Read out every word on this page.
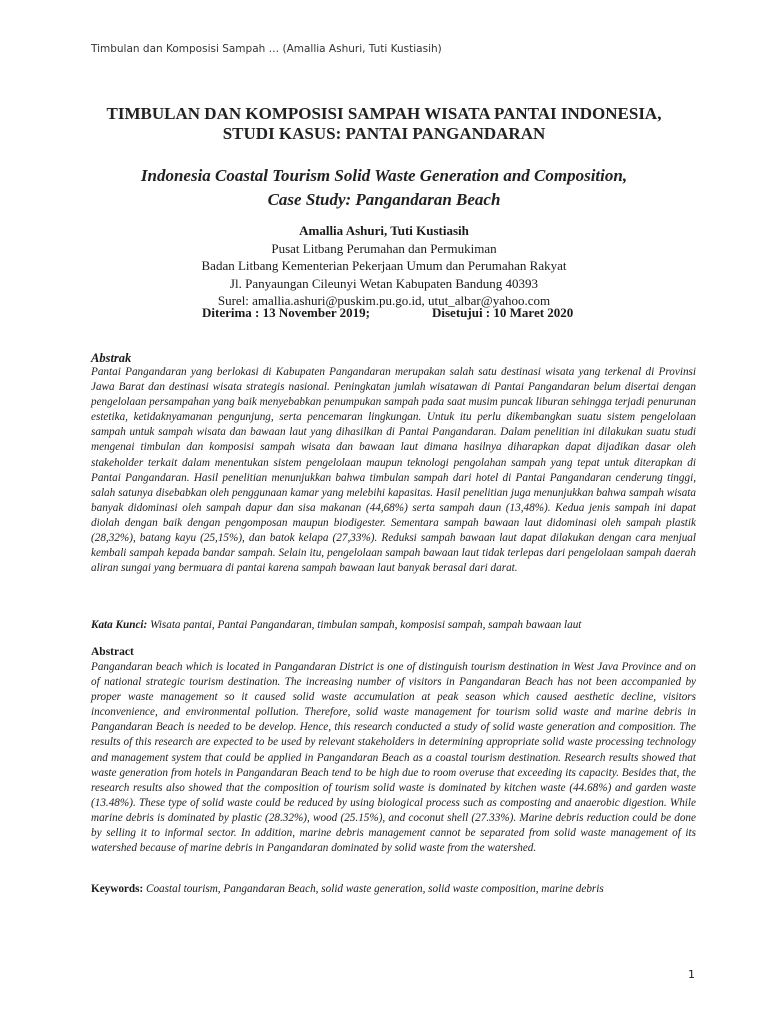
Timbulan dan Komposisi Sampah … (Amallia Ashuri, Tuti Kustiasih)
TIMBULAN DAN KOMPOSISI SAMPAH WISATA PANTAI INDONESIA,
STUDI KASUS: PANTAI PANGANDARAN
Indonesia Coastal Tourism Solid Waste Generation and Composition,
Case Study: Pangandaran Beach
Amallia Ashuri, Tuti Kustiasih
Pusat Litbang Perumahan dan Permukiman
Badan Litbang Kementerian Pekerjaan Umum dan Perumahan Rakyat
Jl. Panyaungan Cileunyi Wetan Kabupaten Bandung 40393
Surel: amallia.ashuri@puskim.pu.go.id, utut_albar@yahoo.com
Diterima : 13 November 2019;	Disetujui : 10 Maret 2020
Abstrak
Pantai Pangandaran yang berlokasi di Kabupaten Pangandaran merupakan salah satu destinasi wisata yang terkenal di Provinsi Jawa Barat dan destinasi wisata strategis nasional. Peningkatan jumlah wisatawan di Pantai Pangandaran belum disertai dengan pengelolaan persampahan yang baik menyebabkan penumpukan sampah pada saat musim puncak liburan sehingga terjadi penurunan estetika, ketidaknyamanan pengunjung, serta pencemaran lingkungan. Untuk itu perlu dikembangkan suatu sistem pengelolaan sampah untuk sampah wisata dan bawaan laut yang dihasilkan di Pantai Pangandaran. Dalam penelitian ini dilakukan suatu studi mengenai timbulan dan komposisi sampah wisata dan bawaan laut dimana hasilnya diharapkan dapat dijadikan dasar oleh stakeholder terkait dalam menentukan sistem pengelolaan maupun teknologi pengolahan sampah yang tepat untuk diterapkan di Pantai Pangandaran. Hasil penelitian menunjukkan bahwa timbulan sampah dari hotel di Pantai Pangandaran cenderung tinggi, salah satunya disebabkan oleh penggunaan kamar yang melebihi kapasitas. Hasil penelitian juga menunjukkan bahwa sampah wisata banyak didominasi oleh sampah dapur dan sisa makanan (44,68%) serta sampah daun (13,48%). Kedua jenis sampah ini dapat diolah dengan baik dengan pengomposan maupun biodigester. Sementara sampah bawaan laut didominasi oleh sampah plastik (28,32%), batang kayu (25,15%), dan batok kelapa (27,33%). Reduksi sampah bawaan laut dapat dilakukan dengan cara menjual kembali sampah kepada bandar sampah. Selain itu, pengelolaan sampah bawaan laut tidak terlepas dari pengelolaan sampah daerah aliran sungai yang bermuara di pantai karena sampah bawaan laut banyak berasal dari darat.
Kata Kunci: Wisata pantai, Pantai Pangandaran, timbulan sampah, komposisi sampah, sampah bawaan laut
Abstract
Pangandaran beach which is located in Pangandaran District is one of distinguish tourism destination in West Java Province and on of national strategic tourism destination. The increasing number of visitors in Pangandaran Beach has not been accompanied by proper waste management so it caused solid waste accumulation at peak season which caused aesthetic decline, visitors inconvenience, and environmental pollution. Therefore, solid waste management for tourism solid waste and marine debris in Pangandaran Beach is needed to be develop. Hence, this research conducted a study of solid waste generation and composition. The results of this research are expected to be used by relevant stakeholders in determining appropriate solid waste processing technology and management system that could be applied in Pangandaran Beach as a coastal tourism destination. Research results showed that waste generation from hotels in Pangandaran Beach tend to be high due to room overuse that exceeding its capacity. Besides that, the research results also showed that the composition of tourism solid waste is dominated by kitchen waste (44.68%) and garden waste (13.48%). These type of solid waste could be reduced by using biological process such as composting and anaerobic digestion. While marine debris is dominated by plastic (28.32%), wood (25.15%), and coconut shell (27.33%). Marine debris reduction could be done by selling it to informal sector. In addition, marine debris management cannot be separated from solid waste management of its watershed because of marine debris in Pangandaran dominated by solid waste from the watershed.
Keywords: Coastal tourism, Pangandaran Beach, solid waste generation, solid waste composition, marine debris
1
